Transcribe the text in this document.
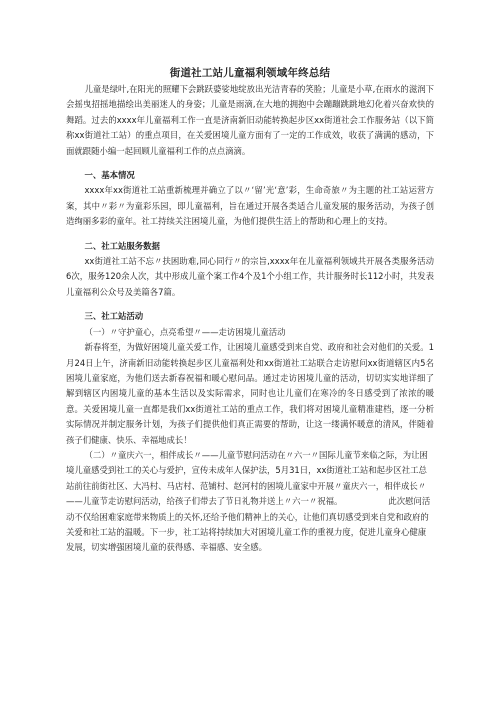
街道社工站儿童福利领域年终总结

儿童是绿叶,在阳光的照耀下会跳跃婆娑地绽放出光洁青春的笑脸；儿童是小草,在雨水的滋润下会摇曳招摇地描绘出美丽迷人的身姿；儿童是雨滴,在大地的拥抱中会蹦蹦跳跳地幻化着兴奋欢快的舞蹈。过去的xxxx年儿童福利工作一直是济南新旧动能转换起步区xx街道社会工作服务站（以下简称xx街道社工站）的重点项目，在关爱困境儿童方面有了一定的工作成效，收获了满满的感动，下面就跟随小编一起回顾儿童福利工作的点点滴滴。

一、基本情况

xxxx年xx街道社工站重新梳理并确立了以〃‘留’光‘意’彩，生命奇旅〃为主题的社工站运营方案，其中〃彩〃为童彩乐园，即儿童福利，旨在通过开展各类适合儿童发展的服务活动，为孩子创造绚丽多彩的童年。社工持续关注困境儿童，为他们提供生活上的帮助和心理上的支持。

二、社工站服务数据

xx街道社工站不忘〃扶困助难,同心同行〃的宗旨,xxxx年在儿童福利领域共开展各类服务活动6次，服务120余人次，其中形成儿童个案工作4个及1个小组工作，共计服务时长112小时，共发表儿童福利公众号及美篇各7篇。

三、社工站活动

（一）〃守护童心，点亮希望〃——走访困境儿童活动

新春将至，为做好困境儿童关爱工作，让困境儿童感受到来自党、政府和社会对他们的关爱。1月24日上午，济南新旧动能转换起步区儿童福利处和xx街道社工站联合走访慰问xx街道辖区内5名困境儿童家庭，为他们送去新春祝福和暖心慰问品。通过走访困境儿童的活动，切切实实地详细了解到辖区内困境儿童的基本生活以及实际需求，同时也让儿童们在寒冷的冬日感受到了浓浓的暖意。关爱困境儿童一直都是我们xx街道社工站的重点工作，我们将对困境儿童精准建档，逐一分析实际情况并制定服务计划，为孩子们提供他们真正需要的帮助，让这一缕满怀暖意的清风，伴随着孩子们健康、快乐、幸福地成长！

（二）〃童庆六一，相伴成长〃——儿童节慰问活动在〃六一〃国际儿童节来临之际，为让困境儿童感受到社工的关心与爱护，宣传未成年人保护法，5月31日，xx街道社工站和起步区社工总站前往前街社区、大冯村、马店村、范铺村、赵河村的困境儿童家中开展〃童庆六一，相伴成长〃——儿童节走访慰问活动，给孩子们带去了节日礼物并送上〃六一〃祝福。　　　　　　此次慰问活动不仅给困难家庭带来物质上的关怀,还给予他们精神上的关心，让他们真切感受到来自党和政府的关爱和社工站的温暖。下一步，社工站将持续加大对困境儿童工作的重视力度，促进儿童身心健康发展，切实增强困境儿童的获得感、幸福感、安全感。
